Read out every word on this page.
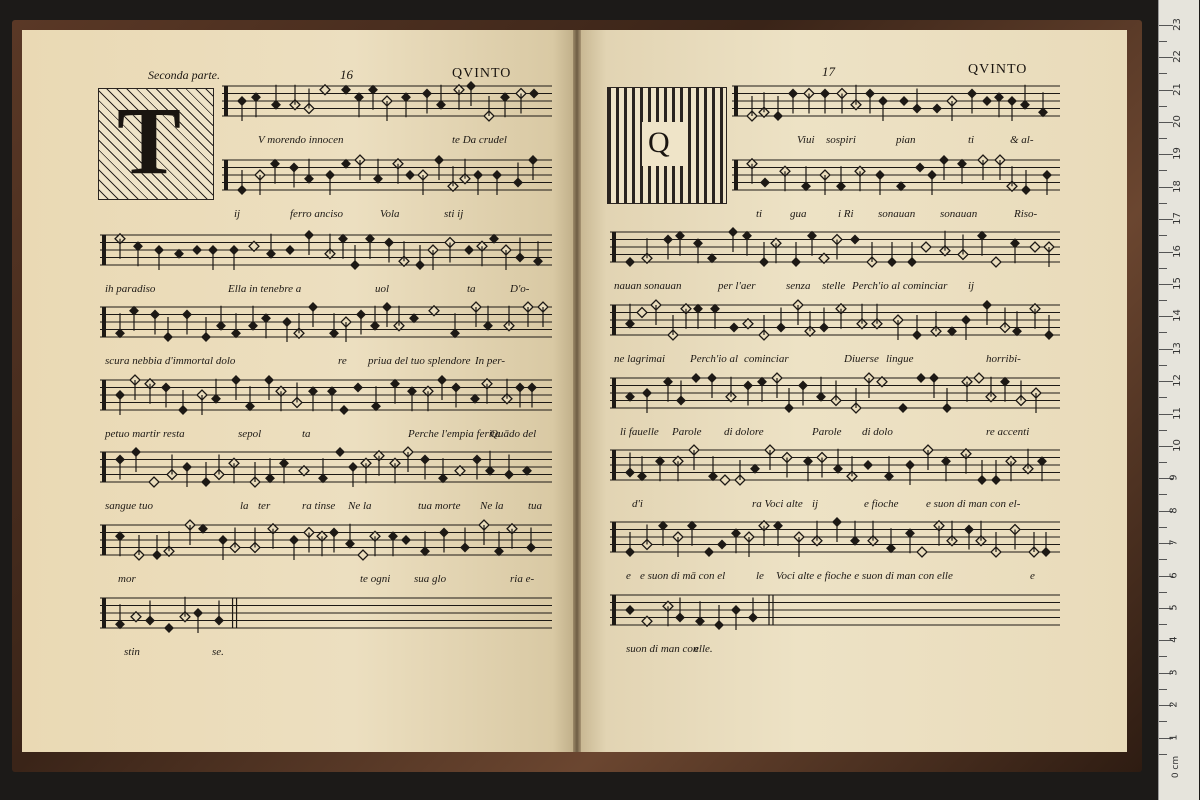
Seconda parte.	16	QVINTO	17	QVINTO
T	Q
V morendo innocen	te Da crudel
ij	ferro anciso	Vola	sti ij
ih paradiso	Ella in tenebre a	uol	ta	D'o-
scura nebbia d'immortal dolo	re priua del tuo splendore In per-
petuo martir resta	sepol	ta	Perche l'empia ferita
Quādo del
sangue tuo	la ter	ra tinse Ne la	tua morte Ne la tua
mor	te ogni sua glo	ria e-
stin	se.
Viui sospiri	pian	ti	& al-
ti	gua	i Ri sonauan sonauan	Riso-
nauan sonauan	per l'aer	senza stelle Perch'io al cominciar ij
ne lagrimai Perch'io al cominciar	Diuerse lingue	horribi-
li fauelle Parole di dolore	Parole di dolo	re accenti
d'i	ra Voci alte ij	e fioche e suon di man con el-
e e suon di mā con el	le Voci alte e fioche e suon di man con elle	e
suon di man con
elle.
0 cm
1
2
3
4
5
6
7
8
9
10
11
12
13
14
15
16
17
18
19
20
21
22
23
